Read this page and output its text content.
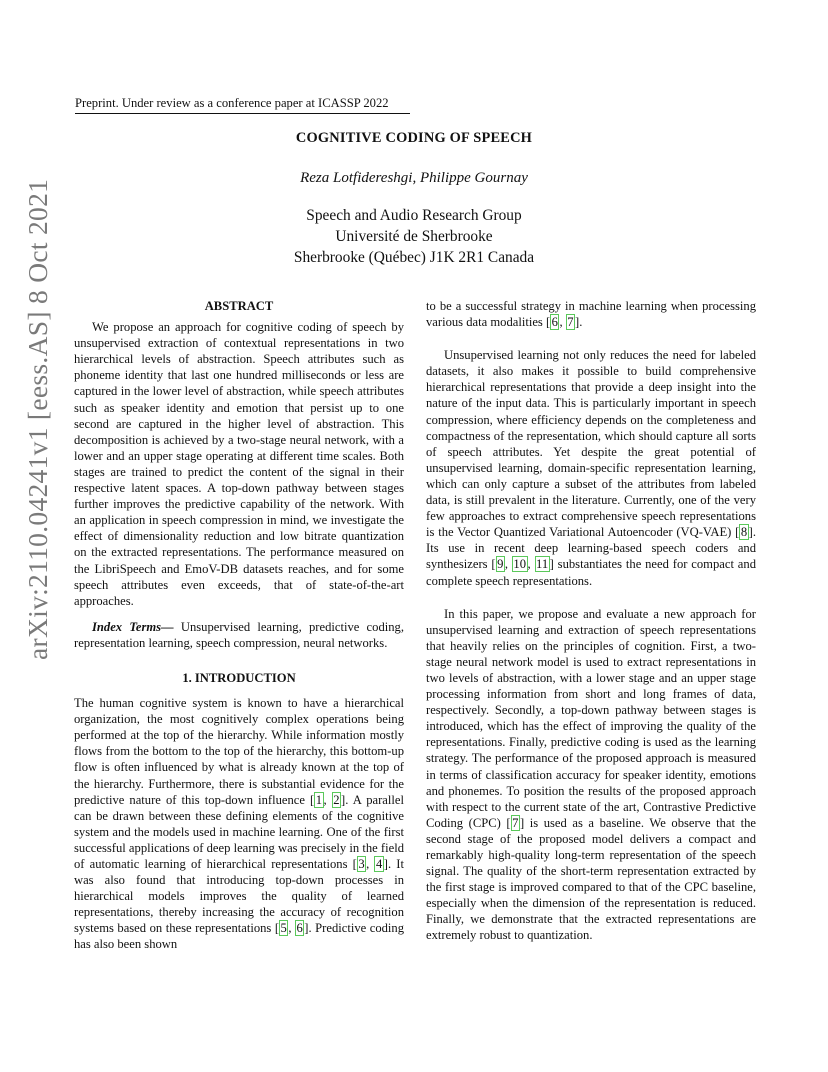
Preprint. Under review as a conference paper at ICASSP 2022
COGNITIVE CODING OF SPEECH
Reza Lotfidereshgi, Philippe Gournay
Speech and Audio Research Group
Université de Sherbrooke
Sherbrooke (Québec) J1K 2R1 Canada
arXiv:2110.04241v1 [eess.AS] 8 Oct 2021	ABSTRACT

We propose an approach for cognitive coding of speech by unsupervised extraction of contextual representations in two hierarchical levels of abstraction. Speech attributes such as phoneme identity that last one hundred milliseconds or less are captured in the lower level of abstraction, while speech attributes such as speaker identity and emotion that persist up to one second are captured in the higher level of abstraction. This decomposition is achieved by a two-stage neural network, with a lower and an upper stage operating at different time scales. Both stages are trained to predict the content of the signal in their respective latent spaces. A top-down pathway between stages further improves the predictive capability of the network. With an application in speech compression in mind, we investigate the effect of dimensionality reduction and low bitrate quantization on the extracted representations. The performance measured on the LibriSpeech and EmoV-DB datasets reaches, and for some speech attributes even exceeds, that of state-of-the-art approaches.

Index Terms— Unsupervised learning, predictive coding, representation learning, speech compression, neural networks.

1. INTRODUCTION

The human cognitive system is known to have a hierarchical organization, the most cognitively complex operations being performed at the top of the hierarchy. While information mostly flows from the bottom to the top of the hierarchy, this bottom-up flow is often influenced by what is already known at the top of the hierarchy. Furthermore, there is substantial evidence for the predictive nature of this top-down influence [ 1 , 2 ]. A parallel can be drawn between these defining elements of the cognitive system and the models used in machine learning. One of the first successful applications of deep learning was precisely in the field of automatic learning of hierarchical representations [ 3 , 4 ]. It was also found that introducing top-down processes in hierarchical models improves the quality of learned representations, thereby increasing the accuracy of recognition systems based on these representations [ 5 , 6 ]. Predictive coding has also been shown

to be a successful strategy in machine learning when processing various data modalities [ 6 , 7 ].

Unsupervised learning not only reduces the need for labeled datasets, it also makes it possible to build comprehensive hierarchical representations that provide a deep insight into the nature of the input data. This is particularly important in speech compression, where efficiency depends on the completeness and compactness of the representation, which should capture all sorts of speech attributes. Yet despite the great potential of unsupervised learning, domain-specific representation learning, which can only capture a subset of the attributes from labeled data, is still prevalent in the literature. Currently, one of the very few approaches to extract comprehensive speech representations is the Vector Quantized Variational Autoencoder (VQ-VAE) [ 8 ]. Its use in recent deep learning-based speech coders and synthesizers [ 9 , 10 , 11 ] substantiates the need for compact and complete speech representations.

In this paper, we propose and evaluate a new approach for unsupervised learning and extraction of speech representations that heavily relies on the principles of cognition. First, a two-stage neural network model is used to extract representations in two levels of abstraction, with a lower stage and an upper stage processing information from short and long frames of data, respectively. Secondly, a top-down pathway between stages is introduced, which has the effect of improving the quality of the representations. Finally, predictive coding is used as the learning strategy. The performance of the proposed approach is measured in terms of classification accuracy for speaker identity, emotions and phonemes. To position the results of the proposed approach with respect to the current state of the art, Contrastive Predictive Coding (CPC) [ 7 ] is used as a baseline. We observe that the second stage of the proposed model delivers a compact and remarkably high-quality long-term representation of the speech signal. The quality of the short-term representation extracted by the first stage is improved compared to that of the CPC baseline, especially when the dimension of the representation is reduced. Finally, we demonstrate that the extracted representations are extremely robust to quantization.
